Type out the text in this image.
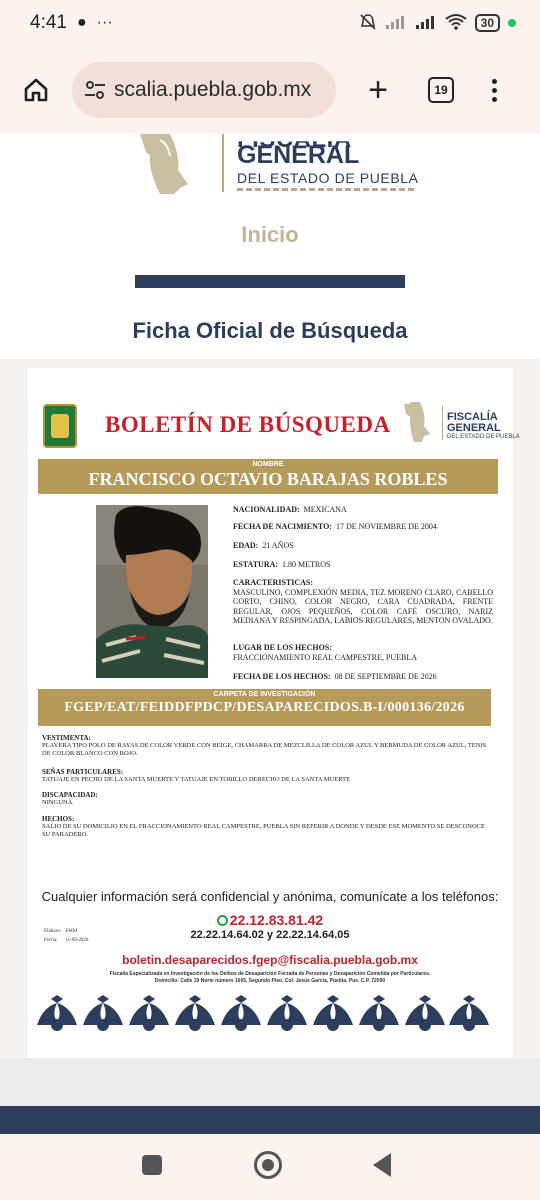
4:41 ● ···	30
scalia.puebla.gob.mx +	19
GENERAL
DEL ESTADO DE PUEBLA
Inicio
Ficha Oficial de Búsqueda
BOLETÍN DE BÚSQUEDA	FISCALÍA
GENERAL
DEL ESTADO DE PUEBLA
NOMBRE
FRANCISCO OCTAVIO BARAJAS ROBLES
NACIONALIDAD: MEXICANA
FECHA DE NACIMIENTO: 17 DE NOVIEMBRE DE 2004
EDAD: 21 AÑOS
ESTATURA: 1.80 METROS
CARACTERISTICAS:
MASCULINO, COMPLEXIÓN MEDIA, TEZ MORENO CLARO, CABELLO CORTO, CHINO, COLOR NEGRO, CARA CUADRADA, FRENTE REGULAR, OJOS PEQUEÑOS, COLOR CAFÉ OSCURO, NARIZ MEDIANA Y RESPINGADA, LABIOS REGULARES, MENTON OVALADO.
LUGAR DE LOS HECHOS:
FRACCIONAMIENTO REAL CAMPESTRE, PUEBLA
FECHA DE LOS HECHOS: 08 DE SEPTIEMBRE DE 2026
CARPETA DE INVESTIGACIÓN
FGEP/EAT/FEIDDFPDCP/DESAPARECIDOS.B-I/000136/2026
VESTIMENTA:
PLAYERA TIPO POLO DE RAYAS DE COLOR VERDE CON BEIGE, CHAMARRA DE MEZCLILLA DE COLOR AZUL Y BERMUDA DE COLOR AZUL, TENIS DE COLOR BLANCO CON ROJO.
SEÑAS PARTICULARES:
TATUAJE EN PECHO DE LA SANTA MUERTE Y TATUAJE EN TOBILLO DERECHO DE LA SANTA MUERTE
DISCAPACIDAD:
NINGUNA.
HECHOS:
SALIO DE SU DOMICILIO EN EL FRACCIONAMIENTO REAL CAMPESTRE, PUEBLA SIN REFERIR A DONDE Y DESDE ESE MOMENTO SE DESCONOCE SU PARADERO.
Cualquier información será confidencial y anónima, comunícate a los teléfonos:
22.12.83.81.42
22.22.14.64.02 y 22.22.14.64.05
Elaboro: EMM
Fecha: 11-09-2026
boletin.desaparecidos.fgep@fiscalia.puebla.gob.mx
Fiscalía Especializada en Investigación de los Delitos de Desaparición Forzada de Personas y Desaparición Cometida por Particulares.
Domicilio: Calle 19 Norte número 1605, Segundo Piso, Col. Jesús García, Puebla, Pue. C.P. 72090
